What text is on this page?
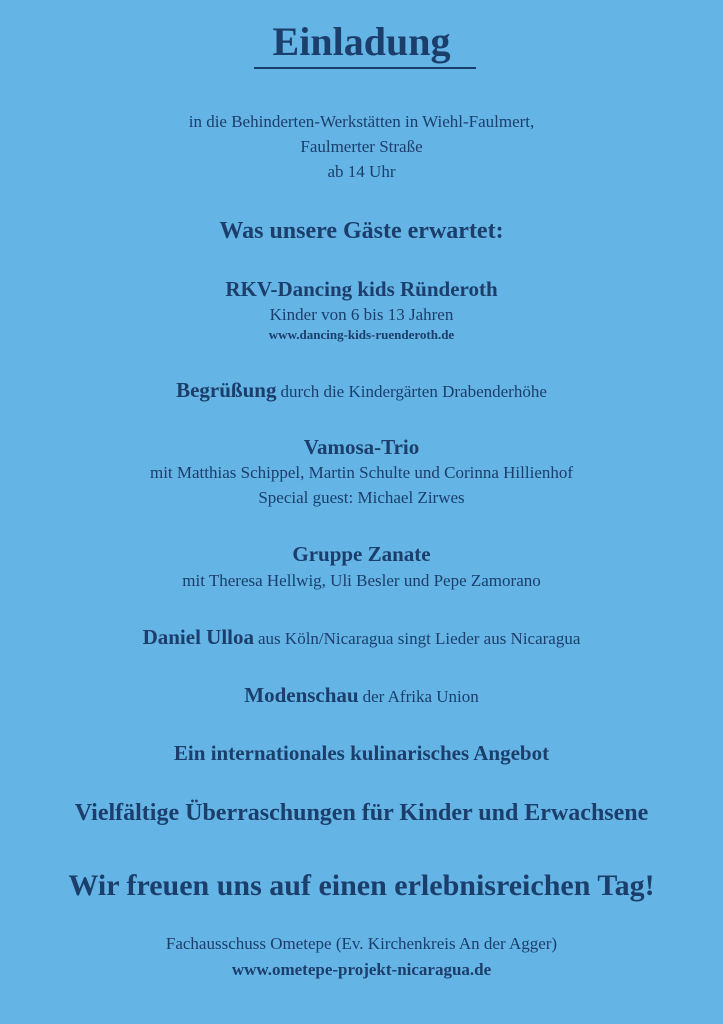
Einladung
in die Behinderten-Werkstätten in Wiehl-Faulmert,
Faulmerter Straße
ab 14 Uhr
Was unsere Gäste erwartet:
RKV-Dancing kids Ründeroth
Kinder von 6 bis 13 Jahren
www.dancing-kids-ruenderoth.de
Begrüßung durch die Kindergärten Drabenderhöhe
Vamosa-Trio
mit Matthias Schippel, Martin Schulte und Corinna Hillienhof
Special guest: Michael Zirwes
Gruppe Zanate
mit Theresa Hellwig, Uli Besler und Pepe Zamorano
Daniel Ulloa aus Köln/Nicaragua singt Lieder aus Nicaragua
Modenschau der Afrika Union
Ein internationales kulinarisches Angebot
Vielfältige Überraschungen für Kinder und Erwachsene
Wir freuen uns auf einen erlebnisreichen Tag!
Fachausschuss Ometepe (Ev. Kirchenkreis An der Agger)
www.ometepe-projekt-nicaragua.de
